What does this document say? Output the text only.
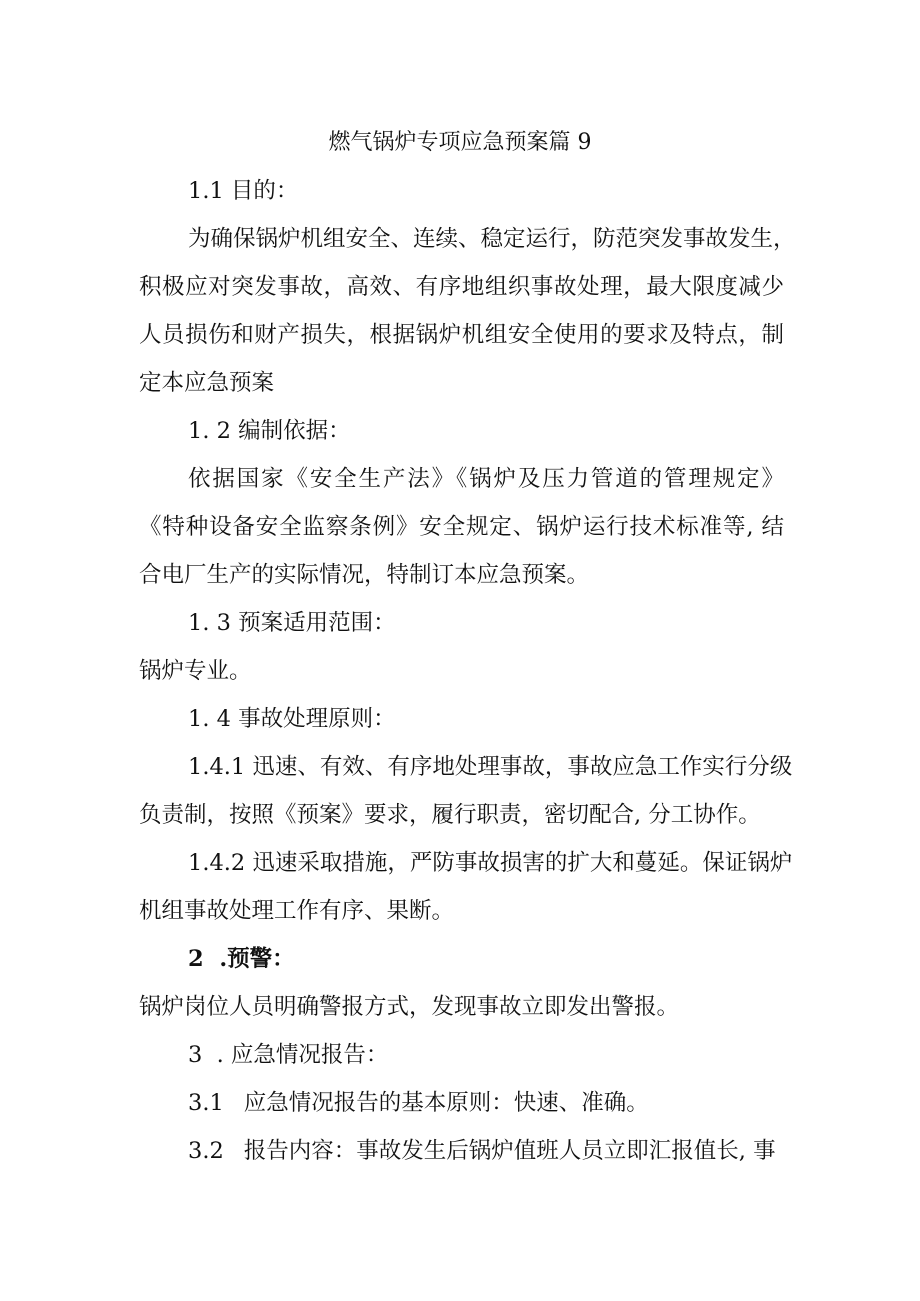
燃气锅炉专项应急预案篇 9

1.1 目的：

为确保锅炉机组安全、连续、稳定运行，防范突发事故发生，

积极应对突发事故，高效、有序地组织事故处理，最大限度减少

人员损伤和财产损失，根据锅炉机组安全使用的要求及特点，制

定本应急预案

1. 2 编制依据：

依据国家《安全生产法》《锅炉及压力管道的管理规定》

《特种设备安全监察条例》安全规定、锅炉运行技术标准等, 结

合电厂生产的实际情况，特制订本应急预案。

1. 3 预案适用范围：

锅炉专业。

1. 4 事故处理原则：

1.4.1 迅速、有效、有序地处理事故，事故应急工作实行分级

负责制，按照《预案》要求，履行职责，密切配合, 分工协作。

1.4.2 迅速采取措施，严防事故损害的扩大和蔓延。保证锅炉

机组事故处理工作有序、果断。

2  .预警：

锅炉岗位人员明确警报方式，发现事故立即发出警报。

3  . 应急情况报告：

3.1 应急情况报告的基本原则：快速、准确。

3.2 报告内容：事故发生后锅炉值班人员立即汇报值长, 事
